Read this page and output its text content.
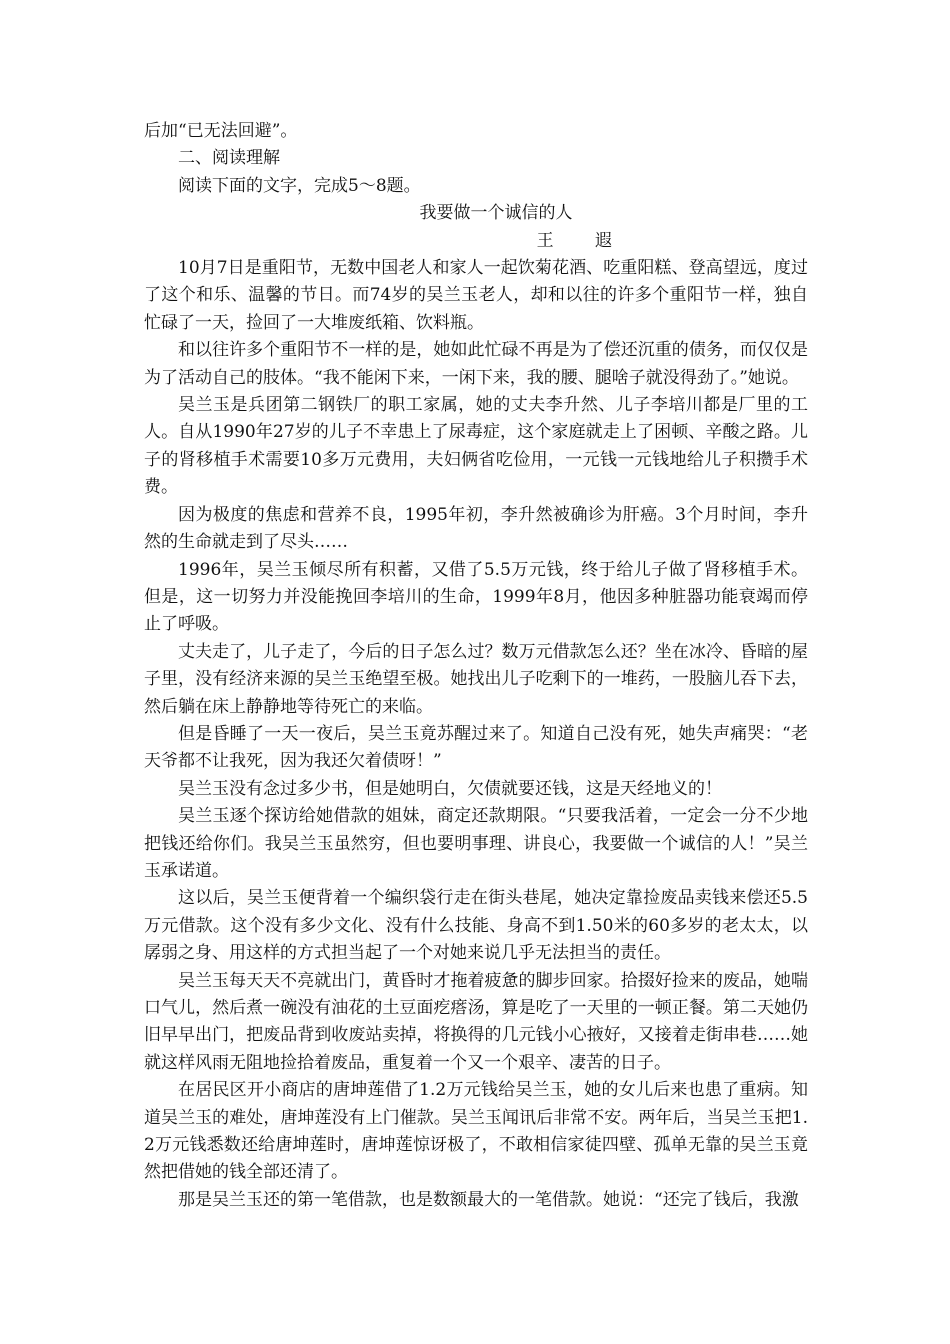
后加“已无法回避”。

二、阅读理解

阅读下面的文字，完成5～8题。

我要做一个诚信的人

王 遐

10月7日是重阳节，无数中国老人和家人一起饮菊花酒、吃重阳糕、登高望远，度过了这个和乐、温馨的节日。而74岁的吴兰玉老人，却和以往的许多个重阳节一样，独自忙碌了一天，捡回了一大堆废纸箱、饮料瓶。

和以往许多个重阳节不一样的是，她如此忙碌不再是为了偿还沉重的债务，而仅仅是为了活动自己的肢体。“我不能闲下来，一闲下来，我的腰、腿啥子就没得劲了。”她说。

吴兰玉是兵团第二钢铁厂的职工家属，她的丈夫李升然、儿子李培川都是厂里的工人。自从1990年27岁的儿子不幸患上了尿毒症，这个家庭就走上了困顿、辛酸之路。儿子的肾移植手术需要10多万元费用，夫妇俩省吃俭用，一元钱一元钱地给儿子积攒手术费。

因为极度的焦虑和营养不良，1995年初，李升然被确诊为肝癌。3个月时间，李升然的生命就走到了尽头……

1996年，吴兰玉倾尽所有积蓄，又借了5.5万元钱，终于给儿子做了肾移植手术。但是，这一切努力并没能挽回李培川的生命，1999年8月，他因多种脏器功能衰竭而停止了呼吸。

丈夫走了，儿子走了，今后的日子怎么过？数万元借款怎么还？坐在冰冷、昏暗的屋子里，没有经济来源的吴兰玉绝望至极。她找出儿子吃剩下的一堆药，一股脑儿吞下去，然后躺在床上静静地等待死亡的来临。

但是昏睡了一天一夜后，吴兰玉竟苏醒过来了。知道自己没有死，她失声痛哭：“老天爷都不让我死，因为我还欠着债呀！”

吴兰玉没有念过多少书，但是她明白，欠债就要还钱，这是天经地义的！

吴兰玉逐个探访给她借款的姐妹，商定还款期限。“只要我活着，一定会一分不少地把钱还给你们。我吴兰玉虽然穷，但也要明事理、讲良心，我要做一个诚信的人！”吴兰玉承诺道。

这以后，吴兰玉便背着一个编织袋行走在街头巷尾，她决定靠捡废品卖钱来偿还5.5万元借款。这个没有多少文化、没有什么技能、身高不到1.50米的60多岁的老太太，以孱弱之身、用这样的方式担当起了一个对她来说几乎无法担当的责任。

吴兰玉每天天不亮就出门，黄昏时才拖着疲惫的脚步回家。拾掇好捡来的废品，她喘口气儿，然后煮一碗没有油花的土豆面疙瘩汤，算是吃了一天里的一顿正餐。第二天她仍旧早早出门，把废品背到收废站卖掉，将换得的几元钱小心掖好，又接着走街串巷……她就这样风雨无阻地捡拾着废品，重复着一个又一个艰辛、凄苦的日子。

在居民区开小商店的唐坤莲借了1.2万元钱给吴兰玉，她的女儿后来也患了重病。知道吴兰玉的难处，唐坤莲没有上门催款。吴兰玉闻讯后非常不安。两年后，当吴兰玉把1.2万元钱悉数还给唐坤莲时，唐坤莲惊讶极了，不敢相信家徒四壁、孤单无靠的吴兰玉竟然把借她的钱全部还清了。

那是吴兰玉还的第一笔借款，也是数额最大的一笔借款。她说：“还完了钱后，我激
